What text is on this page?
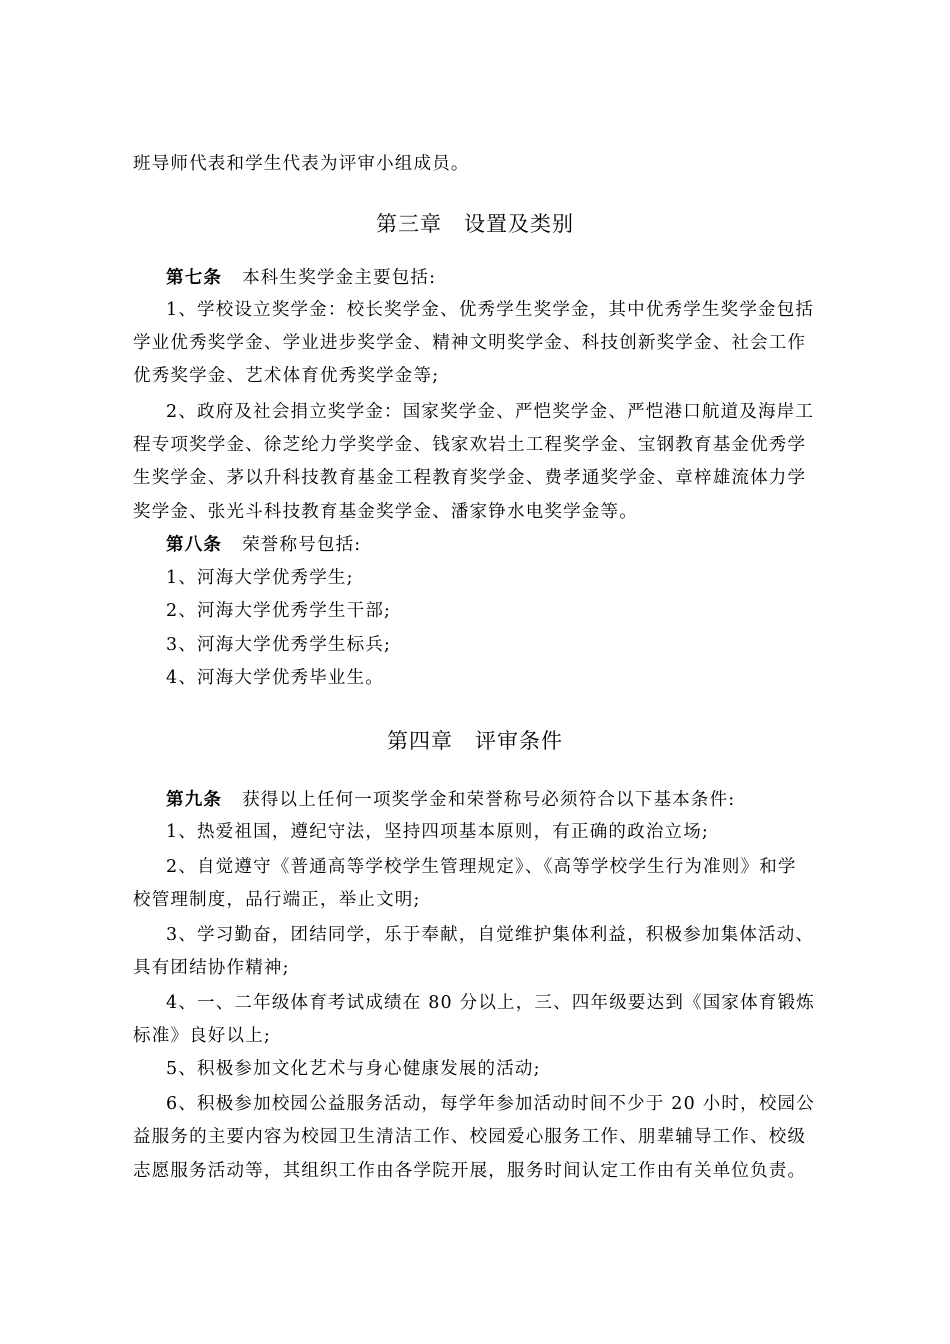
班导师代表和学生代表为评审小组成员。
第三章 设置及类别
第七条 本科生奖学金主要包括:
1、学校设立奖学金：校长奖学金、优秀学生奖学金，其中优秀学生奖学金包括
学业优秀奖学金、学业进步奖学金、精神文明奖学金、科技创新奖学金、社会工作
优秀奖学金、艺术体育优秀奖学金等;
2、政府及社会捐立奖学金：国家奖学金、严恺奖学金、严恺港口航道及海岸工
程专项奖学金、徐芝纶力学奖学金、钱家欢岩土工程奖学金、宝钢教育基金优秀学
生奖学金、茅以升科技教育基金工程教育奖学金、费孝通奖学金、章梓雄流体力学
奖学金、张光斗科技教育基金奖学金、潘家铮水电奖学金等。
第八条 荣誉称号包括:
1、河海大学优秀学生;
2、河海大学优秀学生干部;
3、河海大学优秀学生标兵;
4、河海大学优秀毕业生。
第四章 评审条件
第九条 获得以上任何一项奖学金和荣誉称号必须符合以下基本条件:
1、热爱祖国，遵纪守法，坚持四项基本原则，有正确的政治立场;
2、自觉遵守《普通高等学校学生管理规定》、《高等学校学生行为准则》和学
校管理制度，品行端正，举止文明;
3、学习勤奋，团结同学，乐于奉献，自觉维护集体利益，积极参加集体活动、
具有团结协作精神;
4、一、二年级体育考试成绩在 80 分以上，三、四年级要达到《国家体育锻炼
标准》良好以上;
5、积极参加文化艺术与身心健康发展的活动;
6、积极参加校园公益服务活动，每学年参加活动时间不少于 20 小时，校园公
益服务的主要内容为校园卫生清洁工作、校园爱心服务工作、朋辈辅导工作、校级
志愿服务活动等，其组织工作由各学院开展，服务时间认定工作由有关单位负责。
